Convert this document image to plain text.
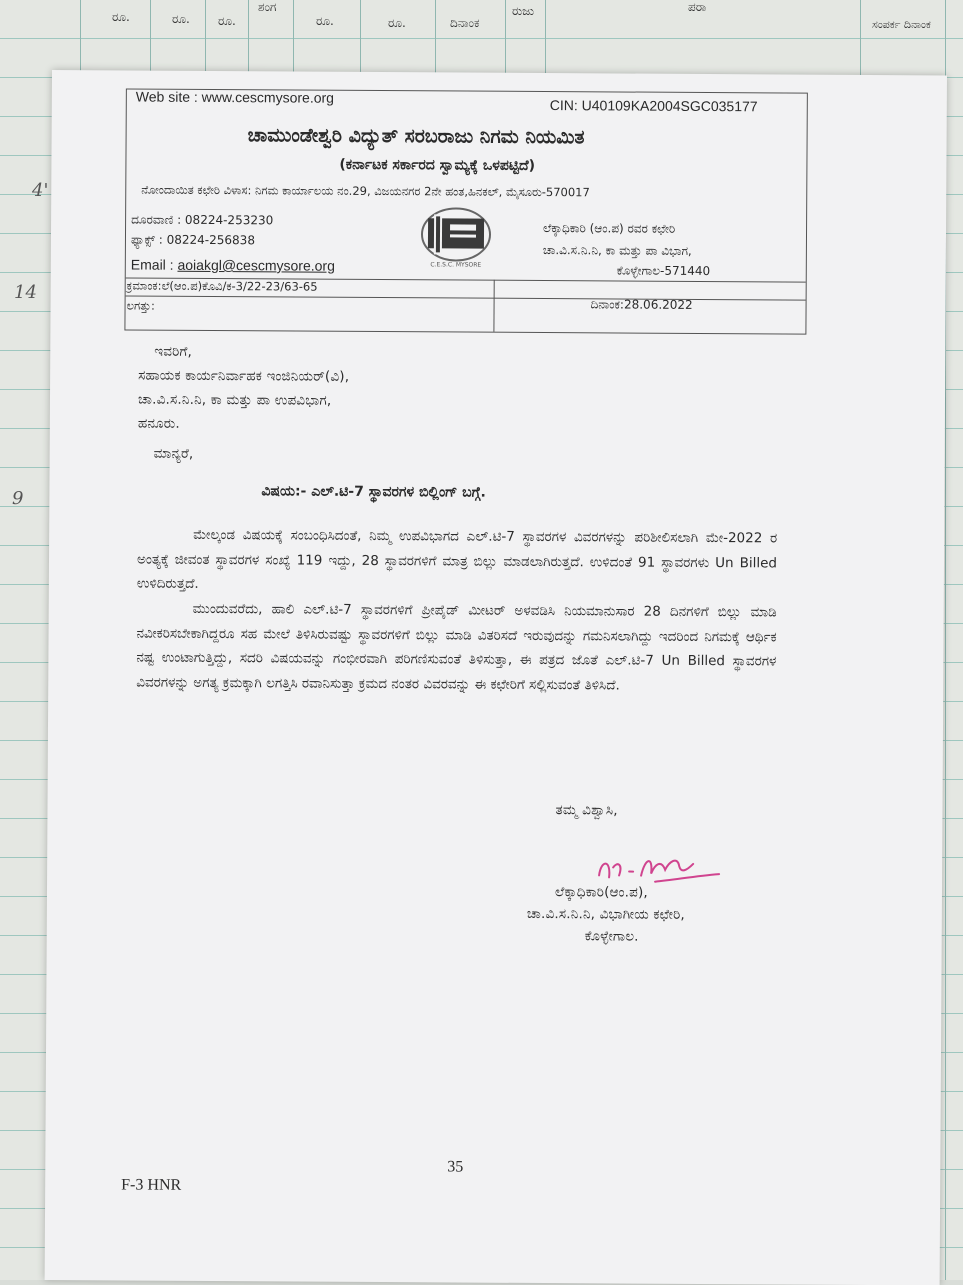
ರೂ.	ರೂ. ರೂ.
ಶಂಗ
ರೂ.	ರೂ.	ದಿನಾಂಕ
ರುಜು	ಪರಾ
ಸಂಪರ್ಕ ದಿನಾಂಕ
4'
14
9
Web site : www.cescmysore.org	CIN: U40109KA2004SGC035177
ಚಾಮುಂಡೇಶ್ವರಿ ವಿದ್ಯುತ್ ಸರಬರಾಜು ನಿಗಮ ನಿಯಮಿತ
(ಕರ್ನಾಟಕ ಸರ್ಕಾರದ ಸ್ವಾಮ್ಯಕ್ಕೆ ಒಳಪಟ್ಟಿದೆ)
ನೋಂದಾಯಿತ ಕಛೇರಿ ವಿಳಾಸ: ನಿಗಮ ಕಾರ್ಯಾಲಯ ನಂ.29, ವಿಜಯನಗರ 2ನೇ ಹಂತ,ಹಿನಕಲ್, ಮೈಸೂರು-570017
ದೂರವಾಣಿ : 08224-253230
ಫ್ಯಾಕ್ಸ್ : 08224-256838
Email : aoiakgl@cescmysore.org	C.E.S.C. MYSORE
ಲೆಕ್ಕಾಧಿಕಾರಿ (ಆಂ.ಪ) ರವರ ಕಛೇರಿ
ಚಾ.ವಿ.ಸ.ನಿ.ನಿ, ಕಾ ಮತ್ತು ಪಾ ವಿಭಾಗ,
ಕೊಳ್ಳೇಗಾಲ-571440
ಕ್ರಮಾಂಕ:ಲೆ(ಆಂ.ಪ)ಕೊವಿ/ಕ-3/22-23/63-65
ಲಗತ್ತು:	ದಿನಾಂಕ:28.06.2022
ಇವರಿಗೆ,
ಸಹಾಯಕ ಕಾರ್ಯನಿರ್ವಾಹಕ ಇಂಜಿನಿಯರ್(ವಿ),
ಚಾ.ವಿ.ಸ.ನಿ.ನಿ, ಕಾ ಮತ್ತು ಪಾ ಉಪವಿಭಾಗ,
ಹನೂರು.
ಮಾನ್ಯರೆ,
ವಿಷಯ:- ಎಲ್.ಟಿ-7 ಸ್ಥಾವರಗಳ ಬಿಲ್ಲಿಂಗ್ ಬಗ್ಗೆ.

ಮೇಲ್ಕಂಡ ವಿಷಯಕ್ಕೆ ಸಂಬಂಧಿಸಿದಂತೆ, ನಿಮ್ಮ ಉಪವಿಭಾಗದ ಎಲ್.ಟಿ-7 ಸ್ಥಾವರಗಳ ವಿವರಗಳನ್ನು ಪರಿಶೀಲಿಸಲಾಗಿ ಮೇ-2022 ರ ಅಂತ್ಯಕ್ಕೆ ಜೀವಂತ ಸ್ಥಾವರಗಳ ಸಂಖ್ಯೆ 119 ಇದ್ದು, 28 ಸ್ಥಾವರಗಳಿಗೆ ಮಾತ್ರ ಬಿಲ್ಲು ಮಾಡಲಾಗಿರುತ್ತದೆ. ಉಳಿದಂತೆ 91 ಸ್ಥಾವರಗಳು Un Billed ಉಳಿದಿರುತ್ತದೆ.

ಮುಂದುವರೆದು, ಹಾಲಿ ಎಲ್.ಟಿ-7 ಸ್ಥಾವರಗಳಿಗೆ ಪ್ರೀಪೈಡ್ ಮೀಟರ್ ಅಳವಡಿಸಿ ನಿಯಮಾನುಸಾರ 28 ದಿನಗಳಿಗೆ ಬಿಲ್ಲು ಮಾಡಿ ನವೀಕರಿಸಬೇಕಾಗಿದ್ದರೂ ಸಹ ಮೇಲೆ ತಿಳಿಸಿರುವಷ್ಟು ಸ್ಥಾವರಗಳಿಗೆ ಬಿಲ್ಲು ಮಾಡಿ ವಿತರಿಸದೆ ಇರುವುದನ್ನು ಗಮನಿಸಲಾಗಿದ್ದು ಇದರಿಂದ ನಿಗಮಕ್ಕೆ ಆರ್ಥಿಕ ನಷ್ಟ ಉಂಟಾಗುತ್ತಿದ್ದು, ಸದರಿ ವಿಷಯವನ್ನು ಗಂಭೀರವಾಗಿ ಪರಿಗಣಿಸುವಂತೆ ತಿಳಿಸುತ್ತಾ, ಈ ಪತ್ರದ ಜೊತೆ ಎಲ್.ಟಿ-7 Un Billed ಸ್ಥಾವರಗಳ ವಿವರಗಳನ್ನು ಅಗತ್ಯ ಕ್ರಮಕ್ಕಾಗಿ ಲಗತ್ತಿಸಿ ರವಾನಿಸುತ್ತಾ ಕ್ರಮದ ನಂತರ ವಿವರವನ್ನು ಈ ಕಛೇರಿಗೆ ಸಲ್ಲಿಸುವಂತೆ ತಿಳಿಸಿದೆ.

ತಮ್ಮ ವಿಶ್ವಾಸಿ,
ಲೆಕ್ಕಾಧಿಕಾರಿ(ಆಂ.ಪ),
ಚಾ.ವಿ.ಸ.ನಿ.ನಿ, ವಿಭಾಗೀಯ ಕಛೇರಿ,
ಕೊಳ್ಳೇಗಾಲ.
35
F-3 HNR
